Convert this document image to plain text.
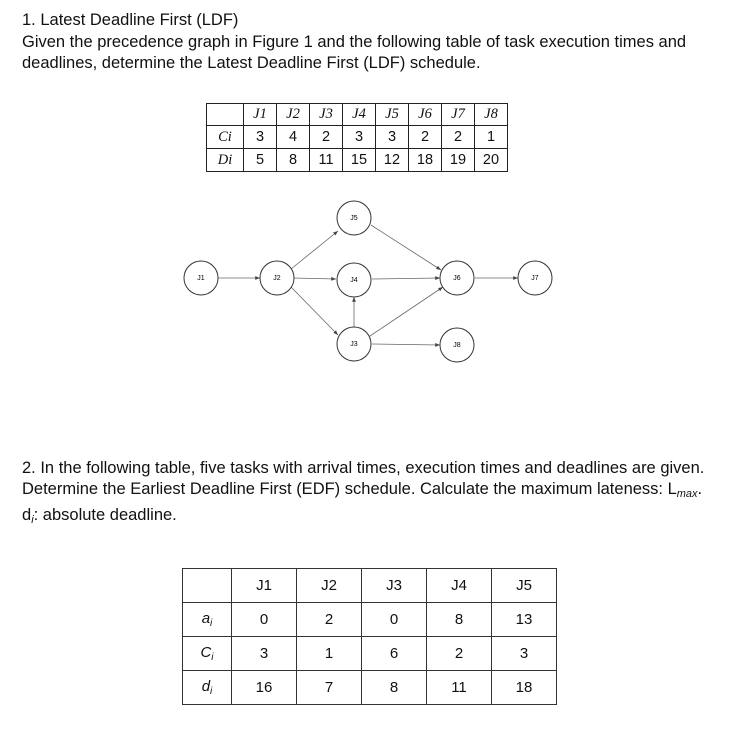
1. Latest Deadline First (LDF)

Given the precedence graph in Figure 1 and the following table of task execution times and deadlines, determine the Latest Deadline First (LDF) schedule.

	J1	J2	J3	J4	J5	J6	J7	J8
Ci	3	4	2	3	3	2	2	1
Di	5	8	11	15	12	18	19	20
J1	J2
J5
J4
J3
J6
J8
J7

2. In the following table, five tasks with arrival times, execution times and deadlines are given. Determine the Earliest Deadline First (EDF) schedule. Calculate the maximum lateness: $L_{max}$. $d_i$: absolute deadline.

	J1	J2	J3	J4	J5
$a_i$	0	2	0	8	13
$C_i$	3	1	6	2	3
$d_i$	16	7	8	11	18
